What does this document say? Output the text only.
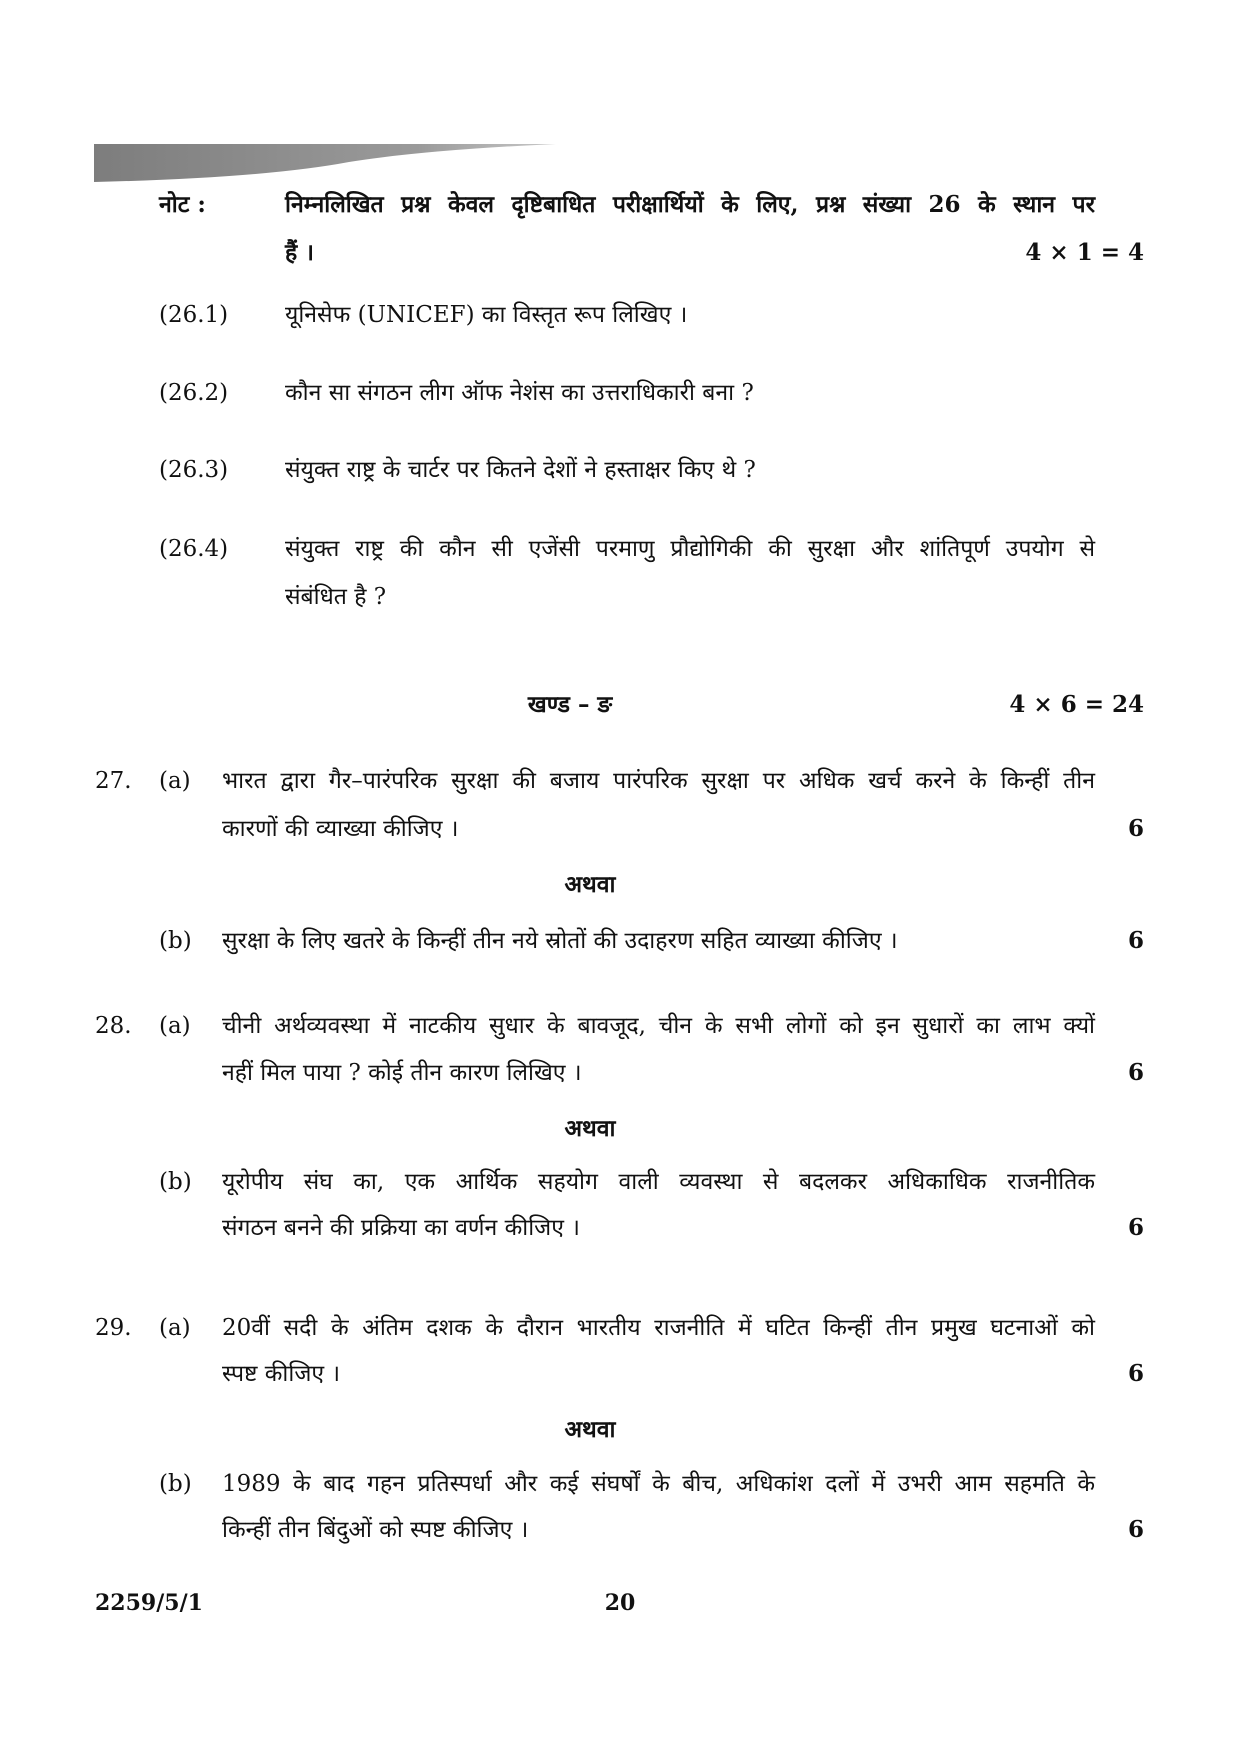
नोट :	निम्नलिखित प्रश्न केवल दृष्टिबाधित परीक्षार्थियों के लिए, प्रश्न संख्या 26 के स्थान पर
हैं ।	4 × 1 = 4
(26.1) यूनिसेफ (UNICEF) का विस्तृत रूप लिखिए ।
(26.2) कौन सा संगठन लीग ऑफ नेशंस का उत्तराधिकारी बना ?
(26.3) संयुक्त राष्ट्र के चार्टर पर कितने देशों ने हस्ताक्षर किए थे ?
(26.4) संयुक्त राष्ट्र की कौन सी एजेंसी परमाणु प्रौद्योगिकी की सुरक्षा और शांतिपूर्ण उपयोग से
संबंधित है ?
खण्ड – ङ	4 × 6 = 24
27. (a) भारत द्वारा गैर–पारंपरिक सुरक्षा की बजाय पारंपरिक सुरक्षा पर अधिक खर्च करने के किन्हीं तीन
कारणों की व्याख्या कीजिए ।	6
अथवा
(b) सुरक्षा के लिए खतरे के किन्हीं तीन नये स्रोतों की उदाहरण सहित व्याख्या कीजिए ।	6
28. (a) चीनी अर्थव्यवस्था में नाटकीय सुधार के बावजूद, चीन के सभी लोगों को इन सुधारों का लाभ क्यों
नहीं मिल पाया ? कोई तीन कारण लिखिए ।	6
अथवा
(b) यूरोपीय संघ का, एक आर्थिक सहयोग वाली व्यवस्था से बदलकर अधिकाधिक राजनीतिक
संगठन बनने की प्रक्रिया का वर्णन कीजिए ।	6
29. (a) 20वीं सदी के अंतिम दशक के दौरान भारतीय राजनीति में घटित किन्हीं तीन प्रमुख घटनाओं को
स्पष्ट कीजिए ।	6
अथवा
(b) 1989 के बाद गहन प्रतिस्पर्धा और कई संघर्षों के बीच, अधिकांश दलों में उभरी आम सहमति के
किन्हीं तीन बिंदुओं को स्पष्ट कीजिए ।	6
2259/5/1	20
